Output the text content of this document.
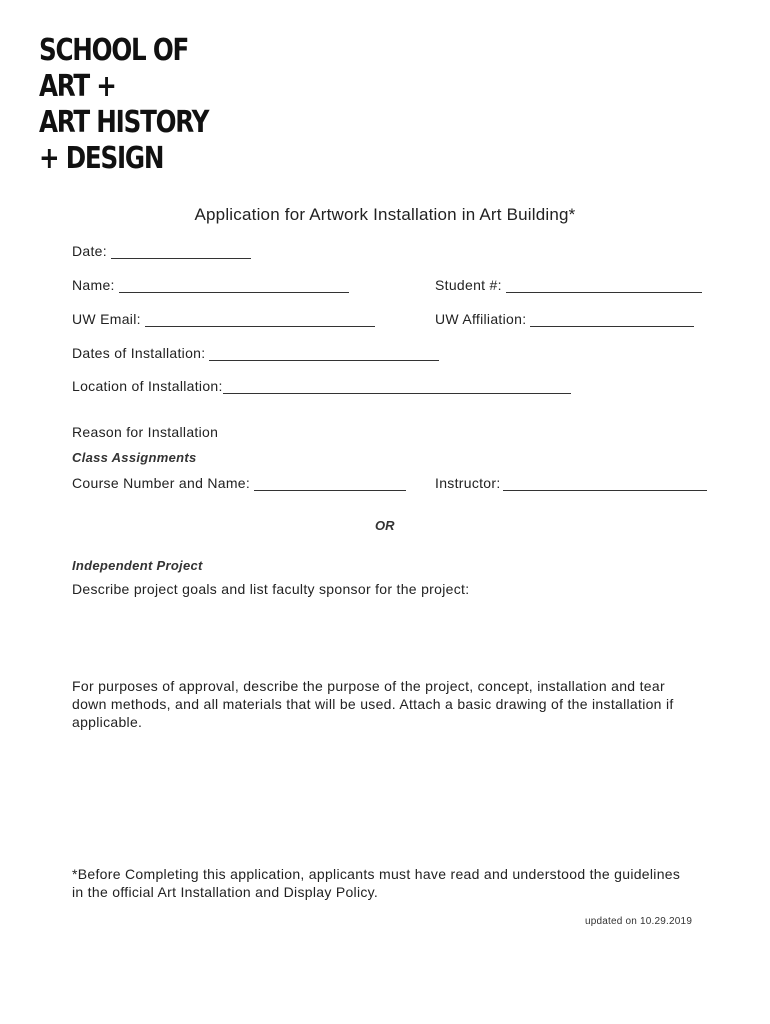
SCHOOL OF
ART +
ART HISTORY
+ DESIGN
Application for Artwork Installation in Art Building*
Date:
Name:	Student #:
UW Email:	UW Affiliation:
Dates of Installation:
Location of Installation:
Reason for Installation
Class Assignments
Course Number and Name:	Instructor:
OR
Independent Project
Describe project goals and list faculty sponsor for the project:
For purposes of approval, describe the purpose of the project, concept, installation and tear down methods, and all materials that will be used. Attach a basic drawing of the installation if applicable.
*Before Completing this application, applicants must have read and understood the guidelines in the official Art Installation and Display Policy.
updated on 10.29.2019
